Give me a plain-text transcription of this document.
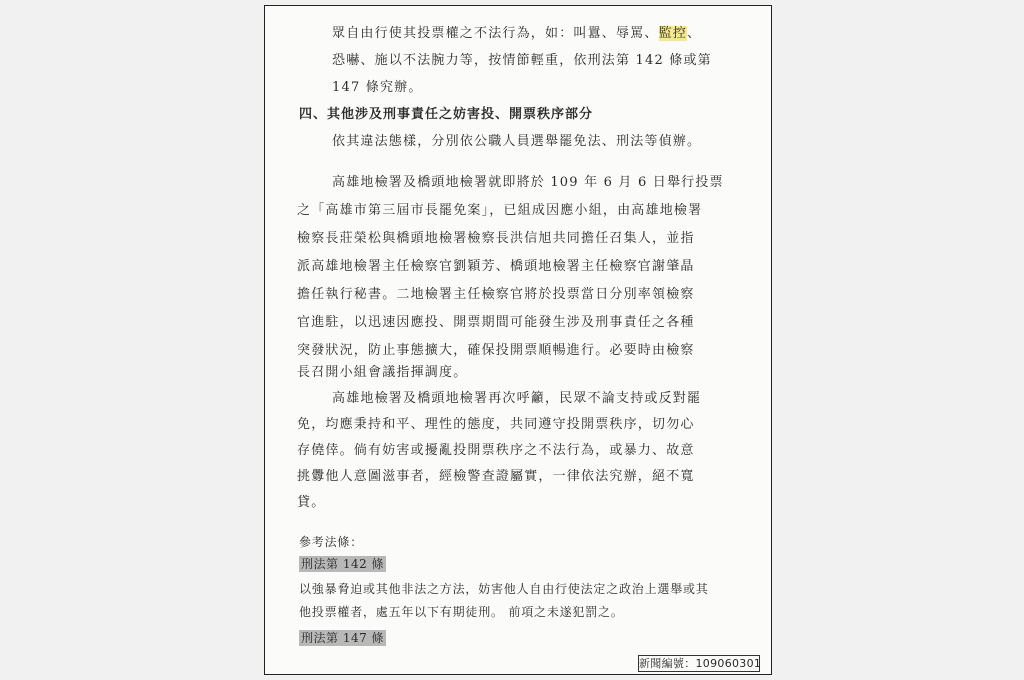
眾自由行使其投票權之不法行為，如：叫囂、辱罵、監控、
恐嚇、施以不法腕力等，按情節輕重，依刑法第 142 條或第
147 條究辦。
四、其他涉及刑事責任之妨害投、開票秩序部分
依其違法態樣，分別依公職人員選舉罷免法、刑法等偵辦。
高雄地檢署及橋頭地檢署就即將於 109 年 6 月 6 日舉行投票
之「高雄市第三屆市長罷免案」，已組成因應小組，由高雄地檢署
檢察長莊榮松與橋頭地檢署檢察長洪信旭共同擔任召集人，並指
派高雄地檢署主任檢察官劉穎芳、橋頭地檢署主任檢察官謝肇晶
擔任執行秘書。二地檢署主任檢察官將於投票當日分別率領檢察
官進駐，以迅速因應投、開票期間可能發生涉及刑事責任之各種
突發狀況，防止事態擴大，確保投開票順暢進行。必要時由檢察
長召開小組會議指揮調度。
高雄地檢署及橋頭地檢署再次呼籲，民眾不論支持或反對罷
免，均應秉持和平、理性的態度，共同遵守投開票秩序，切勿心
存僥倖。倘有妨害或擾亂投開票秩序之不法行為，或暴力、故意
挑釁他人意圖滋事者，經檢警查證屬實，一律依法究辦，絕不寬
貸。
參考法條：
刑法第 142 條
以強暴脅迫或其他非法之方法，妨害他人自由行使法定之政治上選舉或其
他投票權者，處五年以下有期徒刑。 前項之未遂犯罰之。
刑法第 147 條
新聞編號：109060301
